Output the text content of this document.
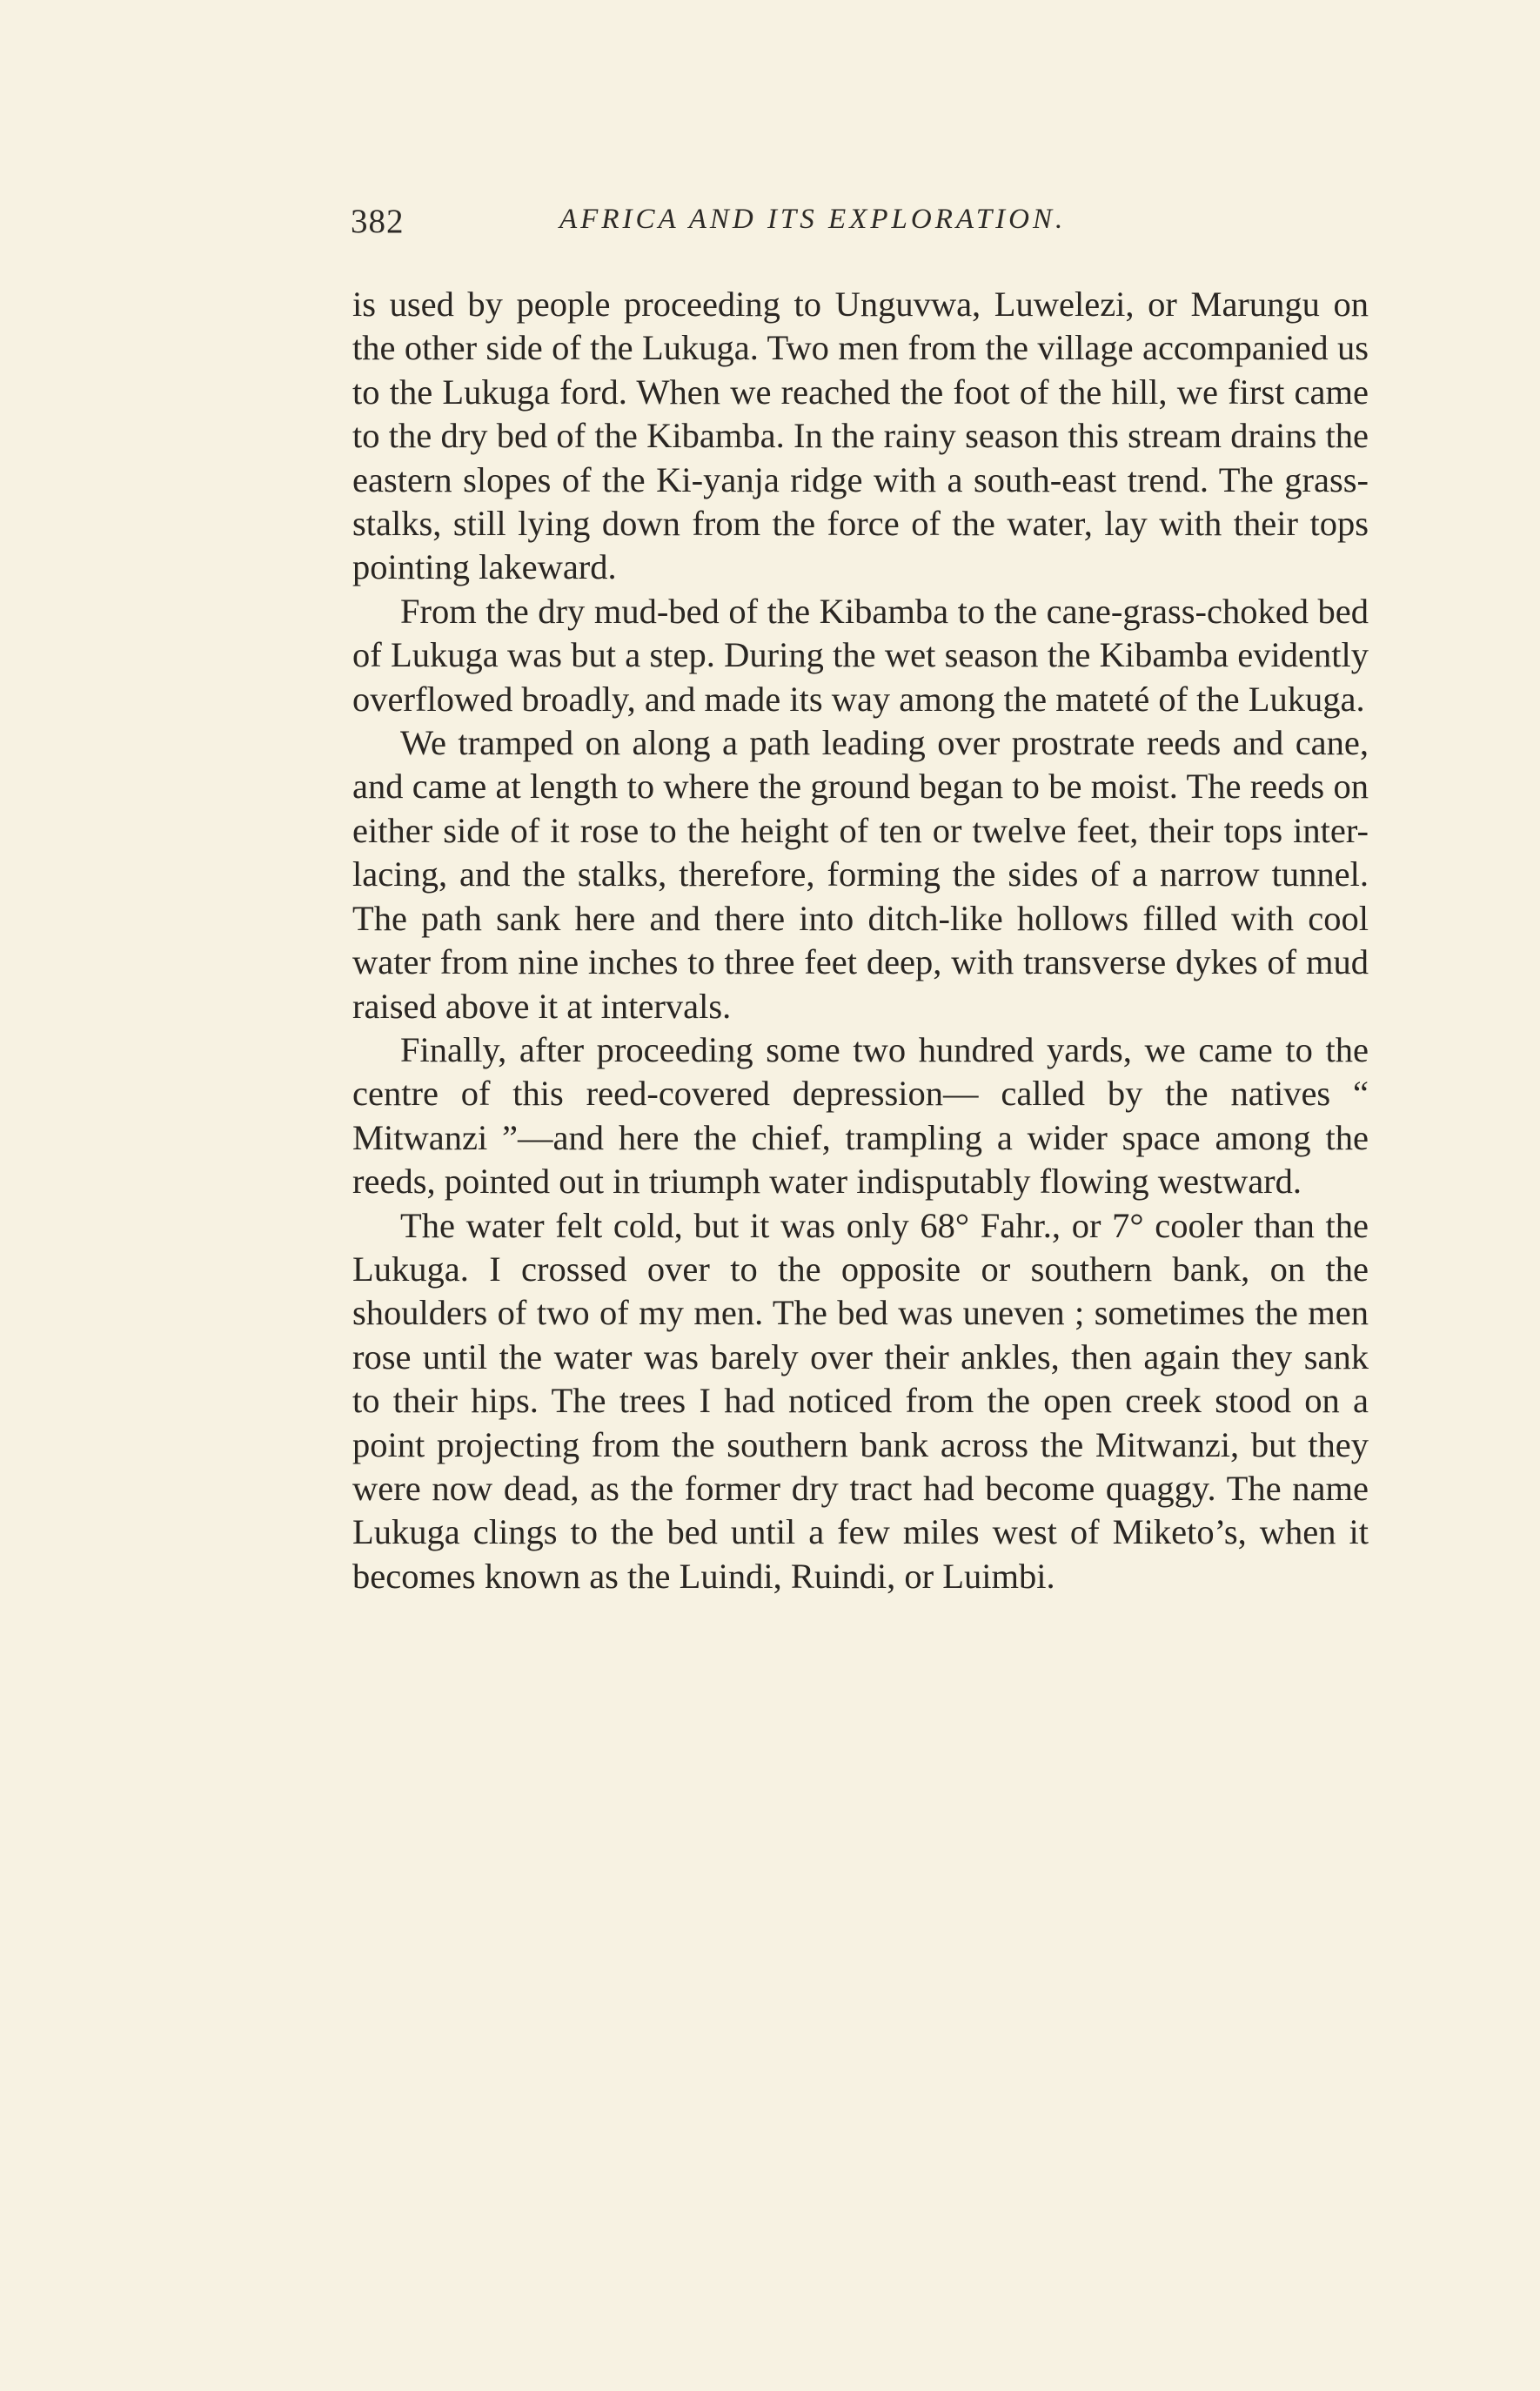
382	AFRICA AND ITS EXPLORATION.

is used by people proceeding to Unguvwa, Luwelezi, or Marungu on the other side of the Lukuga. Two men from the village accompanied us to the Lukuga ford. When we reached the foot of the hill, we first came to the dry bed of the Kibamba. In the rainy season this stream drains the eastern slopes of the Ki-yanja ridge with a south-east trend. The grass-stalks, still lying down from the force of the water, lay with their tops pointing lakeward.

From the dry mud-bed of the Kibamba to the cane-grass-choked bed of Lukuga was but a step. During the wet season the Kibamba evidently overflowed broadly, and made its way among the mateté of the Lukuga.

We tramped on along a path leading over prostrate reeds and cane, and came at length to where the ground began to be moist. The reeds on either side of it rose to the height of ten or twelve feet, their tops inter-lacing, and the stalks, therefore, forming the sides of a narrow tunnel. The path sank here and there into ditch-like hollows filled with cool water from nine inches to three feet deep, with transverse dykes of mud raised above it at intervals.

Finally, after proceeding some two hundred yards, we came to the centre of this reed-covered depression— called by the natives “ Mitwanzi ”—and here the chief, trampling a wider space among the reeds, pointed out in triumph water indisputably flowing westward.

The water felt cold, but it was only 68° Fahr., or 7° cooler than the Lukuga. I crossed over to the opposite or southern bank, on the shoulders of two of my men. The bed was uneven ; sometimes the men rose until the water was barely over their ankles, then again they sank to their hips. The trees I had noticed from the open creek stood on a point projecting from the southern bank across the Mitwanzi, but they were now dead, as the former dry tract had become quaggy. The name Lukuga clings to the bed until a few miles west of Miketo’s, when it becomes known as the Luindi, Ruindi, or Luimbi.
